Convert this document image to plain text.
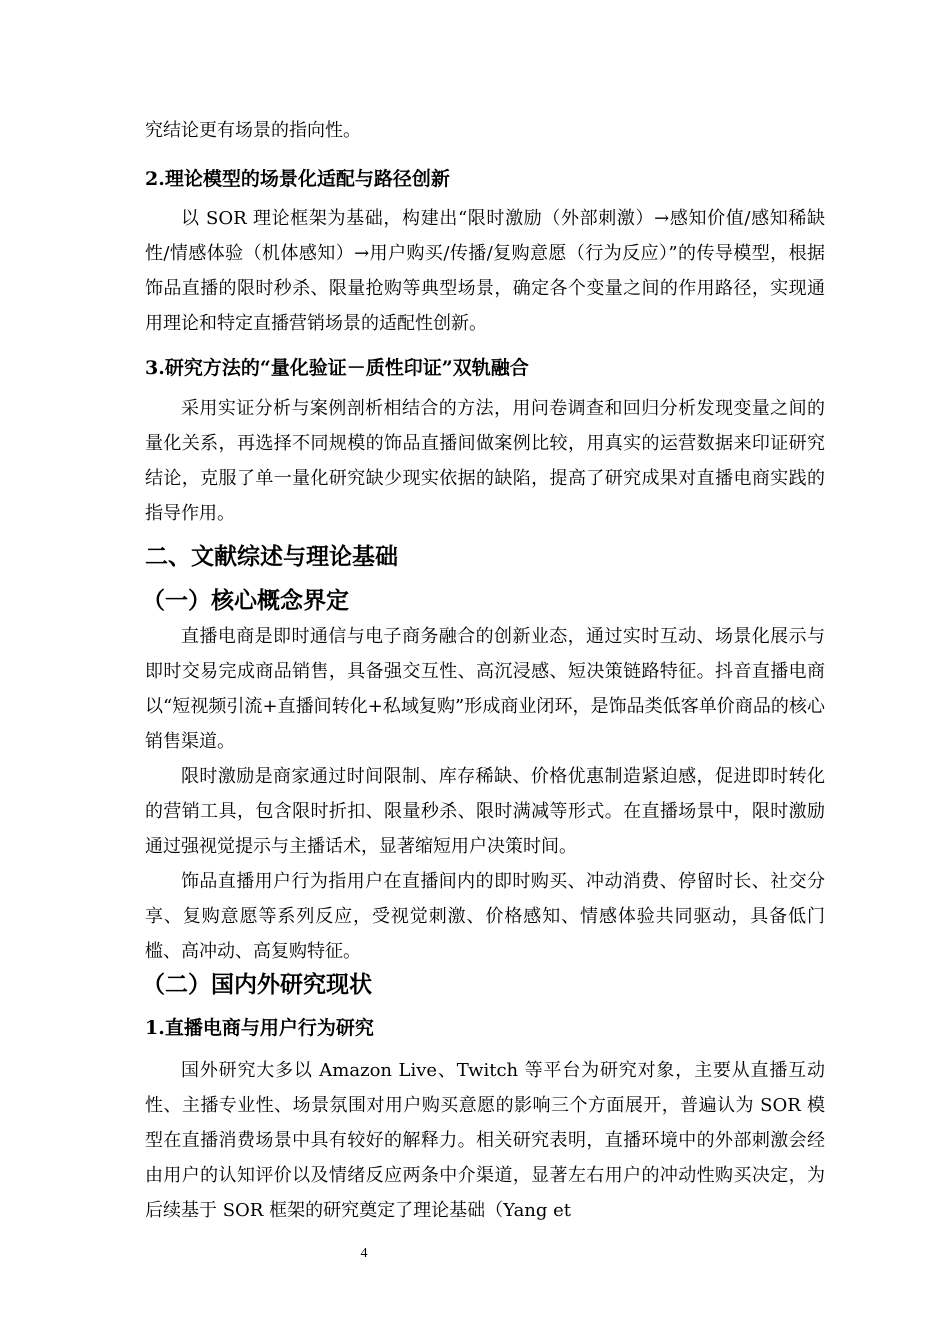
究结论更有场景的指向性。

2.理论模型的场景化适配与路径创新

以 SOR 理论框架为基础，构建出“限时激励（外部刺激）→感知价值/感知稀缺性/情感体验（机体感知）→用户购买/传播/复购意愿（行为反应）”的传导模型，根据饰品直播的限时秒杀、限量抢购等典型场景，确定各个变量之间的作用路径，实现通用理论和特定直播营销场景的适配性创新。

3.研究方法的“量化验证－质性印证”双轨融合

采用实证分析与案例剖析相结合的方法，用问卷调查和回归分析发现变量之间的量化关系，再选择不同规模的饰品直播间做案例比较，用真实的运营数据来印证研究结论，克服了单一量化研究缺少现实依据的缺陷，提高了研究成果对直播电商实践的指导作用。

二、文献综述与理论基础
（一）核心概念界定

直播电商是即时通信与电子商务融合的创新业态，通过实时互动、场景化展示与即时交易完成商品销售，具备强交互性、高沉浸感、短决策链路特征。抖音直播电商以“短视频引流+直播间转化+私域复购”形成商业闭环，是饰品类低客单价商品的核心销售渠道。

限时激励是商家通过时间限制、库存稀缺、价格优惠制造紧迫感，促进即时转化的营销工具，包含限时折扣、限量秒杀、限时满减等形式。在直播场景中，限时激励通过强视觉提示与主播话术，显著缩短用户决策时间。

饰品直播用户行为指用户在直播间内的即时购买、冲动消费、停留时长、社交分享、复购意愿等系列反应，受视觉刺激、价格感知、情感体验共同驱动，具备低门槛、高冲动、高复购特征。

（二）国内外研究现状
1.直播电商与用户行为研究

国外研究大多以 Amazon Live、Twitch 等平台为研究对象，主要从直播互动性、主播专业性、场景氛围对用户购买意愿的影响三个方面展开，普遍认为 SOR 模型在直播消费场景中具有较好的解释力。相关研究表明，直播环境中的外部刺激会经由用户的认知评价以及情绪反应两条中介渠道，显著左右用户的冲动性购买决定，为后续基于 SOR 框架的研究奠定了理论基础（Yang et

4
